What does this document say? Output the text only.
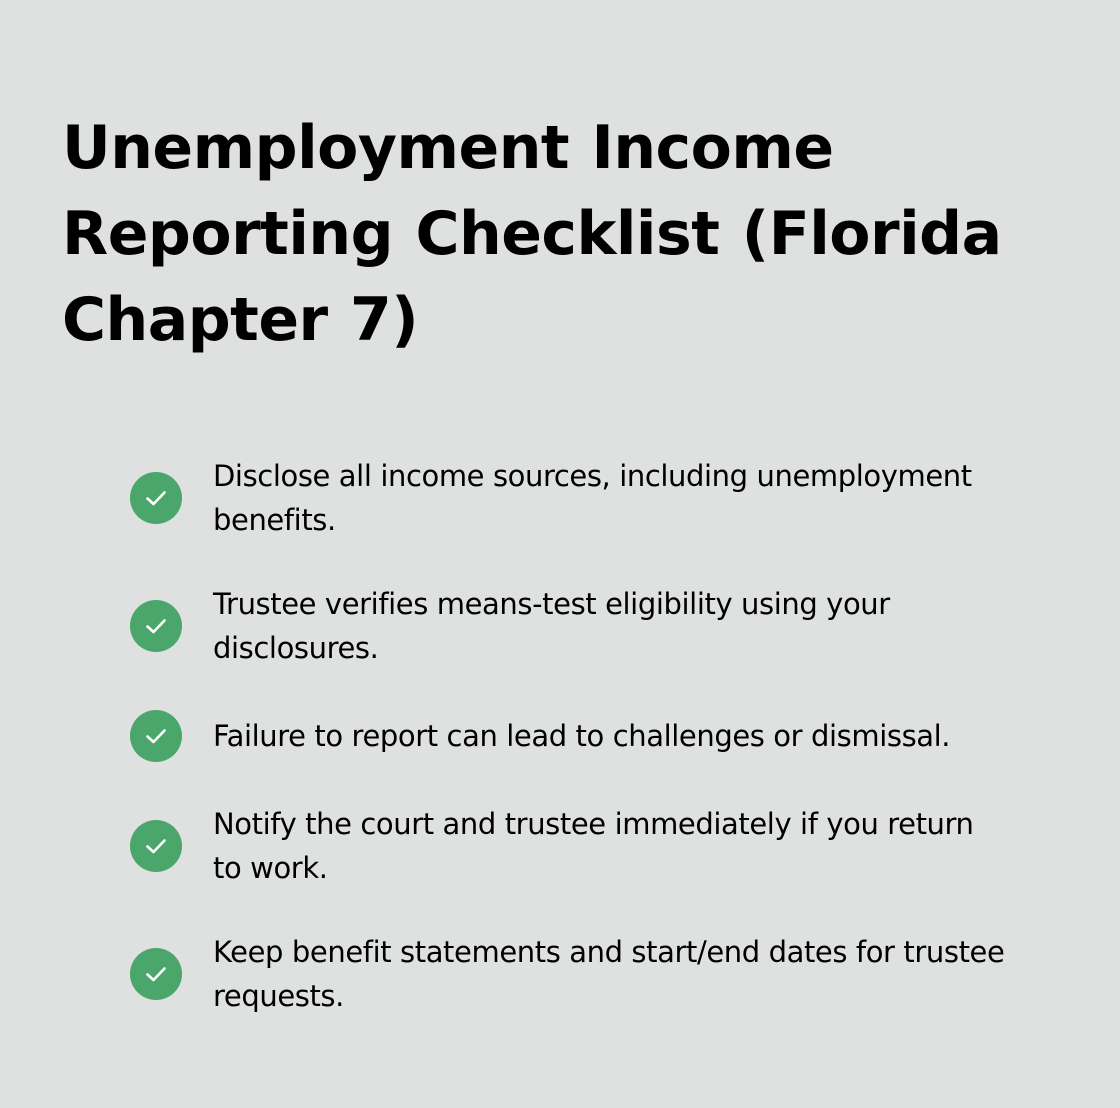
Unemployment Income
Reporting Checklist (Florida
Chapter 7)
Disclose all income sources, including unemployment
benefits.
Trustee verifies means-test eligibility using your
disclosures.
Failure to report can lead to challenges or dismissal.
Notify the court and trustee immediately if you return
to work.
Keep benefit statements and start/end dates for trustee
requests.
